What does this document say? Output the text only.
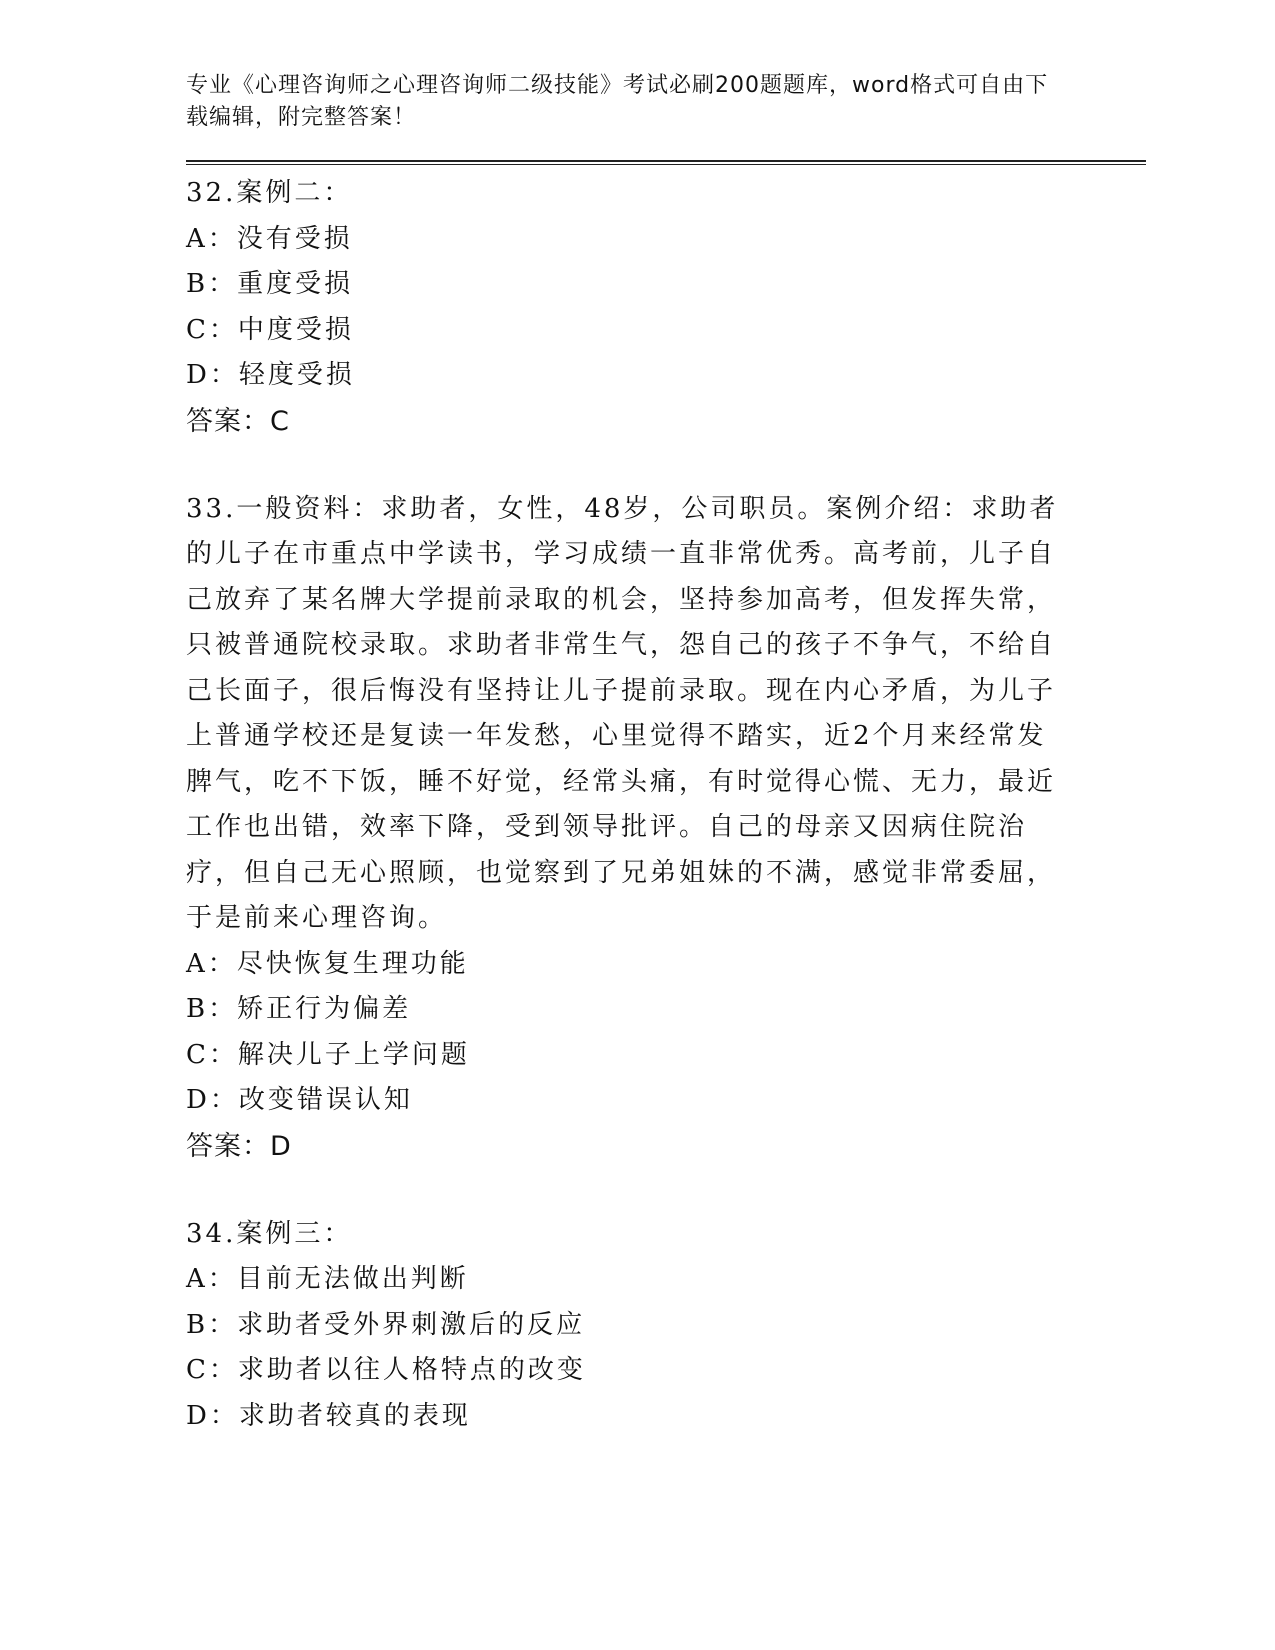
专业《心理咨询师之心理咨询师二级技能》考试必刷200题题库，word格式可自由下载编辑，附完整答案！

32.案例二：

A：没有受损

B：重度受损

C：中度受损

D：轻度受损

答案：C

33.一般资料：求助者，女性，48岁，公司职员。案例介绍：求助者的儿子在市重点中学读书，学习成绩一直非常优秀。高考前，儿子自己放弃了某名牌大学提前录取的机会，坚持参加高考，但发挥失常，只被普通院校录取。求助者非常生气，怨自己的孩子不争气，不给自己长面子，很后悔没有坚持让儿子提前录取。现在内心矛盾，为儿子上普通学校还是复读一年发愁，心里觉得不踏实，近2个月来经常发脾气，吃不下饭，睡不好觉，经常头痛，有时觉得心慌、无力，最近工作也出错，效率下降，受到领导批评。自己的母亲又因病住院治疗，但自己无心照顾，也觉察到了兄弟姐妹的不满，感觉非常委屈，于是前来心理咨询。

A：尽快恢复生理功能

B：矫正行为偏差

C：解决儿子上学问题

D：改变错误认知

答案：D

34.案例三：

A：目前无法做出判断

B：求助者受外界刺激后的反应

C：求助者以往人格特点的改变

D：求助者较真的表现
